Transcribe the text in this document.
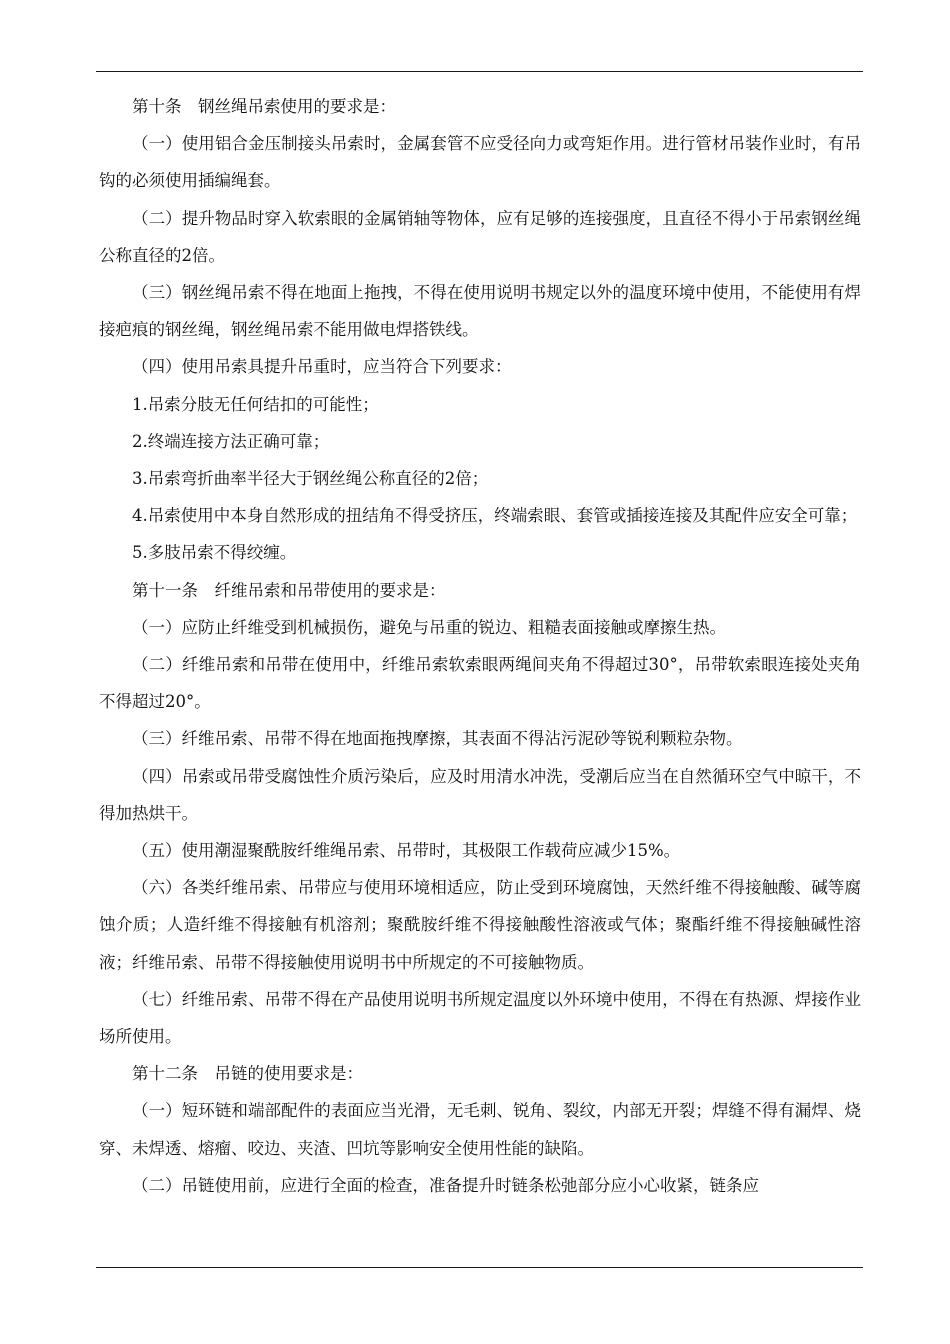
第十条　钢丝绳吊索使用的要求是：

（一）使用铝合金压制接头吊索时，金属套管不应受径向力或弯矩作用。进行管材吊装作业时，有吊钩的必须使用插编绳套。

（二）提升物品时穿入软索眼的金属销轴等物体，应有足够的连接强度，且直径不得小于吊索钢丝绳公称直径的2倍。

（三）钢丝绳吊索不得在地面上拖拽，不得在使用说明书规定以外的温度环境中使用，不能使用有焊接疤痕的钢丝绳，钢丝绳吊索不能用做电焊搭铁线。

（四）使用吊索具提升吊重时，应当符合下列要求：

1.吊索分肢无任何结扣的可能性；

2.终端连接方法正确可靠；

3.吊索弯折曲率半径大于钢丝绳公称直径的2倍；

4.吊索使用中本身自然形成的扭结角不得受挤压，终端索眼、套管或插接连接及其配件应安全可靠；

5.多肢吊索不得绞缠。

第十一条　纤维吊索和吊带使用的要求是：

（一）应防止纤维受到机械损伤，避免与吊重的锐边、粗糙表面接触或摩擦生热。

（二）纤维吊索和吊带在使用中，纤维吊索软索眼两绳间夹角不得超过30°，吊带软索眼连接处夹角不得超过20°。

（三）纤维吊索、吊带不得在地面拖拽摩擦，其表面不得沾污泥砂等锐利颗粒杂物。

（四）吊索或吊带受腐蚀性介质污染后，应及时用清水冲洗，受潮后应当在自然循环空气中晾干，不得加热烘干。

（五）使用潮湿聚酰胺纤维绳吊索、吊带时，其极限工作载荷应减少15%。

（六）各类纤维吊索、吊带应与使用环境相适应，防止受到环境腐蚀，天然纤维不得接触酸、碱等腐蚀介质；人造纤维不得接触有机溶剂；聚酰胺纤维不得接触酸性溶液或气体；聚酯纤维不得接触碱性溶液；纤维吊索、吊带不得接触使用说明书中所规定的不可接触物质。

（七）纤维吊索、吊带不得在产品使用说明书所规定温度以外环境中使用，不得在有热源、焊接作业场所使用。

第十二条　吊链的使用要求是：

（一）短环链和端部配件的表面应当光滑，无毛刺、锐角、裂纹，内部无开裂；焊缝不得有漏焊、烧穿、未焊透、熔瘤、咬边、夹渣、凹坑等影响安全使用性能的缺陷。

（二）吊链使用前，应进行全面的检查，准备提升时链条松弛部分应小心收紧，链条应
